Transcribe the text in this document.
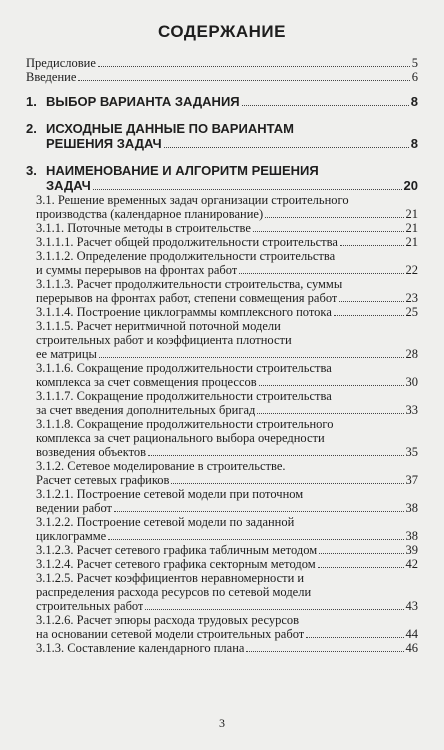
СОДЕРЖАНИЕ
Предисловие	5
Введение	6
1. ВЫБОР ВАРИАНТА ЗАДАНИЯ	8
2. ИСХОДНЫЕ ДАННЫЕ ПО ВАРИАНТАМ
РЕШЕНИЯ ЗАДАЧ	8
3. НАИМЕНОВАНИЕ И АЛГОРИТМ РЕШЕНИЯ
ЗАДАЧ	20
3.1. Решение временных задач организации строительного
производства (календарное планирование)	21
3.1.1. Поточные методы в строительстве	21
3.1.1.1. Расчет общей продолжительности строительства	21
3.1.1.2. Определение продолжительности строительства
и суммы перерывов на фронтах работ	22
3.1.1.3. Расчет продолжительности строительства, суммы
перерывов на фронтах работ, степени совмещения работ	23
3.1.1.4. Построение циклограммы комплексного потока	25
3.1.1.5. Расчет неритмичной поточной модели
строительных работ и коэффициента плотности
ее матрицы	28
3.1.1.6. Сокращение продолжительности строительства
комплекса за счет совмещения процессов	30
3.1.1.7. Сокращение продолжительности строительства
за счет введения дополнительных бригад	33
3.1.1.8. Сокращение продолжительности строительного
комплекса за счет рационального выбора очередности
возведения объектов	35
3.1.2. Сетевое моделирование в строительстве.
Расчет сетевых графиков	37
3.1.2.1. Построение сетевой модели при поточном
ведении работ	38
3.1.2.2. Построение сетевой модели по заданной
циклограмме	38
3.1.2.3. Расчет сетевого графика табличным методом	39
3.1.2.4. Расчет сетевого графика секторным методом	42
3.1.2.5. Расчет коэффициентов неравномерности и
распределения расхода ресурсов по сетевой модели
строительных работ	43
3.1.2.6. Расчет эпюры расхода трудовых ресурсов
на основании сетевой модели строительных работ	44
3.1.3. Составление календарного плана	46
3
